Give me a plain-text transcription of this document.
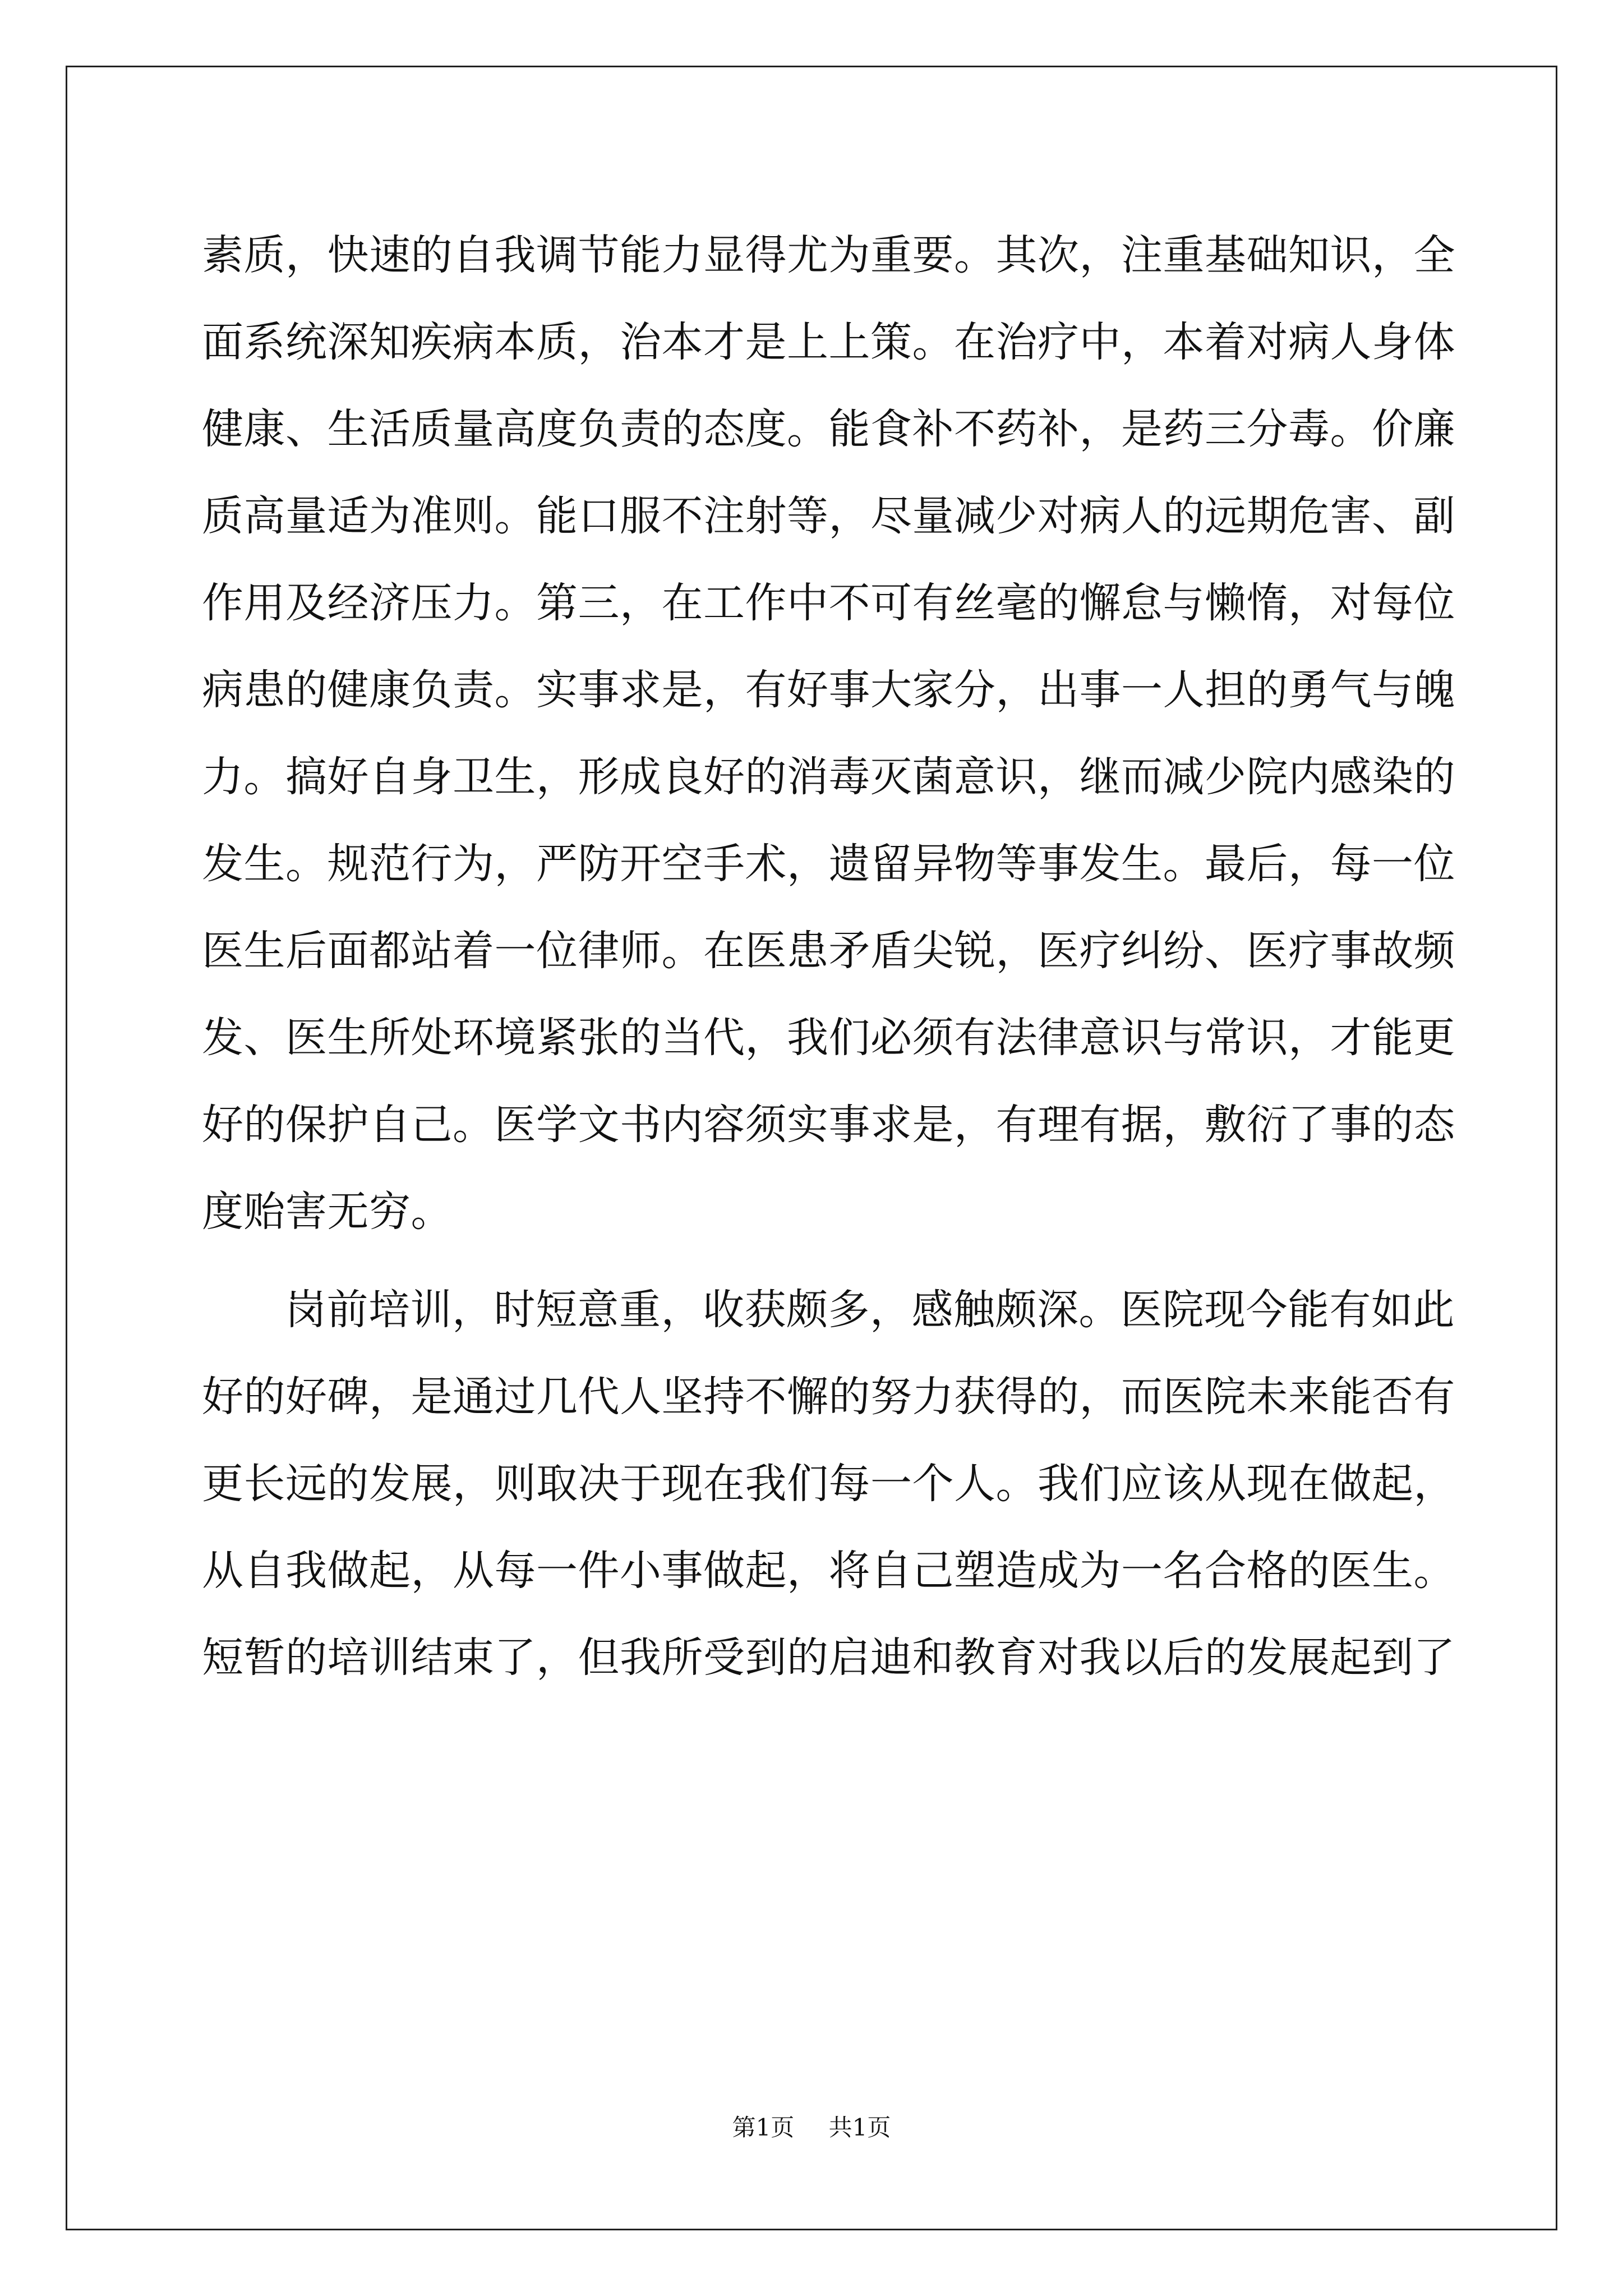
素质，快速的自我调节能力显得尤为重要。其次，注重基础知识，全
面系统深知疾病本质，治本才是上上策。在治疗中，本着对病人身体
健康、生活质量高度负责的态度。能食补不药补，是药三分毒。价廉
质高量适为准则。能口服不注射等，尽量减少对病人的远期危害、副
作用及经济压力。第三，在工作中不可有丝毫的懈怠与懒惰，对每位
病患的健康负责。实事求是，有好事大家分，出事一人担的勇气与魄
力。搞好自身卫生，形成良好的消毒灭菌意识，继而减少院内感染的
发生。规范行为，严防开空手术，遗留异物等事发生。最后，每一位
医生后面都站着一位律师。在医患矛盾尖锐，医疗纠纷、医疗事故频
发、医生所处环境紧张的当代，我们必须有法律意识与常识，才能更
好的保护自己。医学文书内容须实事求是，有理有据，敷衍了事的态
度贻害无穷。
岗前培训，时短意重，收获颇多，感触颇深。医院现今能有如此
好的好碑，是通过几代人坚持不懈的努力获得的，而医院未来能否有
更长远的发展，则取决于现在我们每一个人。我们应该从现在做起，
从自我做起，从每一件小事做起，将自己塑造成为一名合格的医生。
短暂的培训结束了，但我所受到的启迪和教育对我以后的发展起到了
第1页 共1页
